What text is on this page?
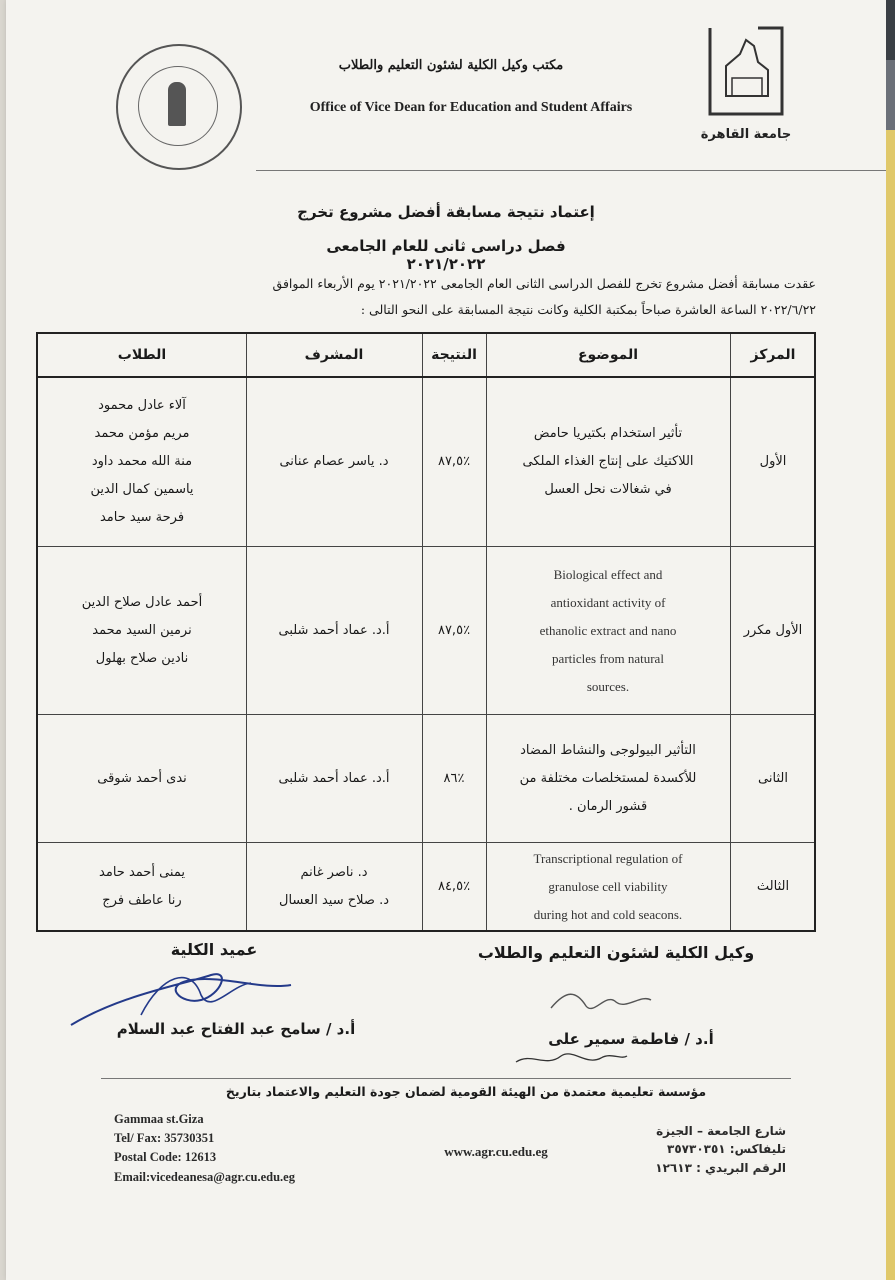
جامعة القاهرة
مكتب وكيل الكلية لشئون التعليم والطلاب
Office of Vice Dean for Education and Student Affairs
إعتماد نتيجة مسابقة أفضل مشروع تخرج
فصل دراسى ثانى للعام الجامعى ٢٠٢١/٢٠٢٢
عقدت مسابقة أفضل مشروع تخرج للفصل الدراسى الثانى العام الجامعى ٢٠٢١/٢٠٢٢ يوم الأربعاء الموافق
٢٠٢٢/٦/٢٢ الساعة العاشرة صباحاً بمكتبة الكلية وكانت نتيجة المسابقة على النحو التالى :
المركز
الموضوع
النتيجة
المشرف
الطلاب
الأول
تأثير استخدام بكتيريا حامض
اللاكتيك على إنتاج الغذاء الملكى
في شغالات نحل العسل
٪٨٧,٥
د. ياسر عصام عنانى
آلاء عادل محمود
مريم مؤمن محمد
منة الله محمد داود
ياسمين كمال الدين
فرحة سيد حامد
الأول مكرر
Biological effect and
antioxidant activity of
ethanolic extract and nano
particles from natural
sources.
٪٨٧,٥
أ.د. عماد أحمد شلبى
أحمد عادل صلاح الدين
نرمين السيد محمد
نادين صلاح بهلول
الثانى
التأثير البيولوجى والنشاط المضاد
للأكسدة لمستخلصات مختلفة من
قشور الرمان .
٪٨٦
أ.د. عماد أحمد شلبى
ندى أحمد شوقى
الثالث
Transcriptional regulation of
granulose cell viability
during hot and cold seacons.
٪٨٤,٥
د. ناصر غانم
د. صلاح سيد العسال
يمنى أحمد حامد
رنا عاطف فرج
عميد الكلية
أ.د / سامح عبد الفتاح عبد السلام
وكيل الكلية لشئون التعليم والطلاب
أ.د / فاطمة سمير على
مؤسسة تعليمية معتمدة من الهيئة القومية لضمان جودة التعليم والاعتماد بتاريخ
Gammaa st.Giza
Tel/ Fax: 35730351
Postal Code: 12613
Email:vicedeanesa@agr.cu.edu.eg
www.agr.cu.edu.eg
شارع الجامعة – الجيزة
تليفاكس: ٣٥٧٣٠٣٥١
الرقم البريدي : ١٢٦١٣
